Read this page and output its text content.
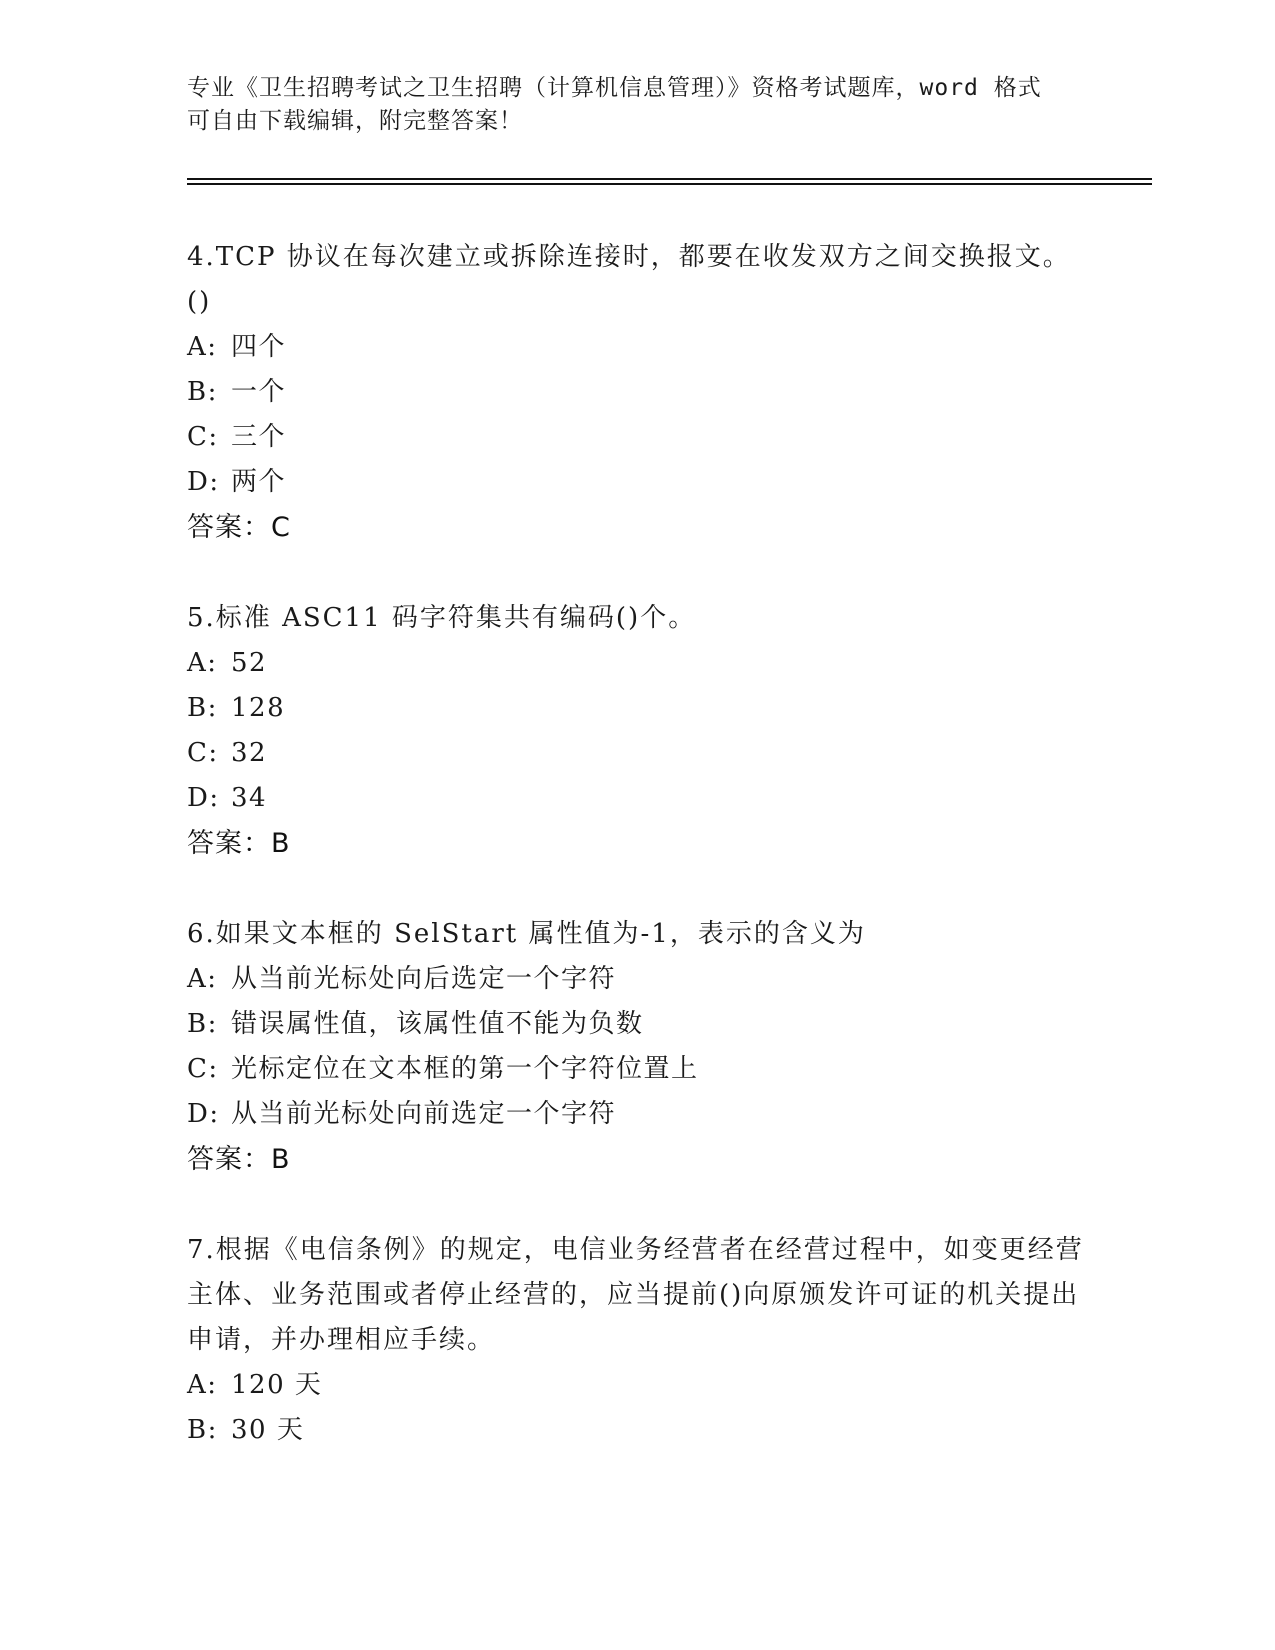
专业《卫生招聘考试之卫生招聘（计算机信息管理）》资格考试题库，word 格式
可自由下载编辑，附完整答案！
4.TCP 协议在每次建立或拆除连接时，都要在收发双方之间交换报文。()
A: 四个
B: 一个
C: 三个
D: 两个
答案：C
5.标准 ASC11 码字符集共有编码()个。
A: 52
B: 128
C: 32
D: 34
答案：B
6.如果文本框的 SelStart 属性值为-1，表示的含义为
A: 从当前光标处向后选定一个字符
B: 错误属性值，该属性值不能为负数
C: 光标定位在文本框的第一个字符位置上
D: 从当前光标处向前选定一个字符
答案：B
7.根据《电信条例》的规定，电信业务经营者在经营过程中，如变更经营主体、业务范围或者停止经营的，应当提前()向原颁发许可证的机关提出申请，并办理相应手续。
A: 120 天
B: 30 天
